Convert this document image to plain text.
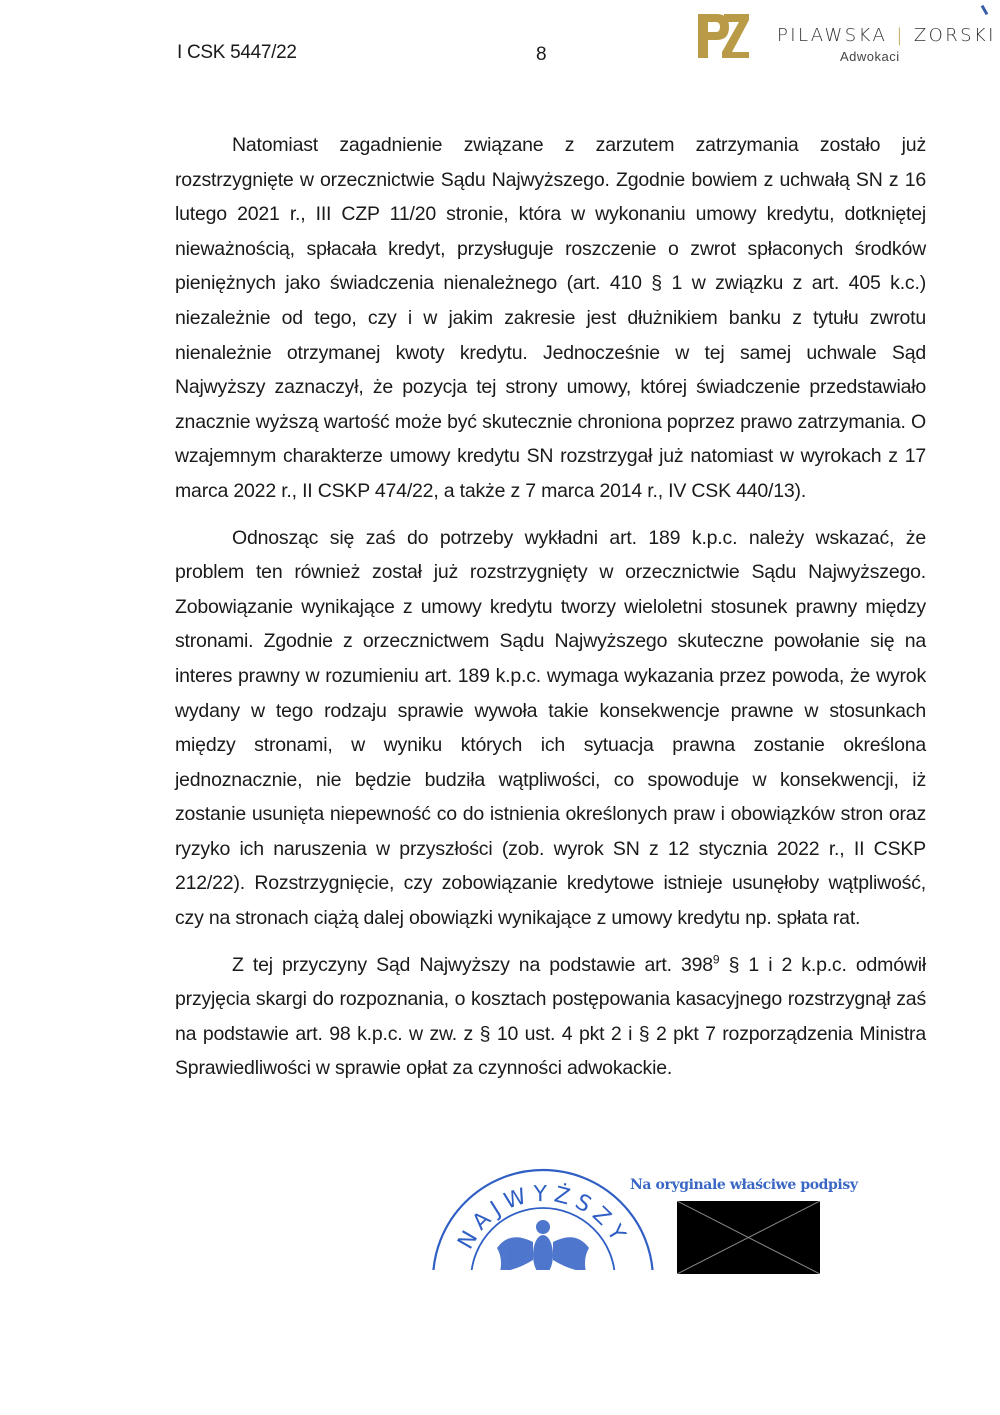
I CSK 5447/22	8
PILAWSKA | ZORSKI
Adwokaci

Natomiast zagadnienie związane z zarzutem zatrzymania zostało już rozstrzygnięte w orzecznictwie Sądu Najwyższego. Zgodnie bowiem z uchwałą SN z 16 lutego 2021 r., III CZP 11/20 stronie, która w wykonaniu umowy kredytu, dotkniętej nieważnością, spłacała kredyt, przysługuje roszczenie o zwrot spłaconych środków pieniężnych jako świadczenia nienależnego (art. 410 § 1 w związku z art. 405 k.c.) niezależnie od tego, czy i w jakim zakresie jest dłużnikiem banku z tytułu zwrotu nienależnie otrzymanej kwoty kredytu. Jednocześnie w tej samej uchwale Sąd Najwyższy zaznaczył, że pozycja tej strony umowy, której świadczenie przedstawiało znacznie wyższą wartość może być skutecznie chroniona poprzez prawo zatrzymania. O wzajemnym charakterze umowy kredytu SN rozstrzygał już natomiast w wyrokach z 17 marca 2022 r., II CSKP 474/22, a także z 7 marca 2014 r., IV CSK 440/13).

Odnosząc się zaś do potrzeby wykładni art. 189 k.p.c. należy wskazać, że problem ten również został już rozstrzygnięty w orzecznictwie Sądu Najwyższego. Zobowiązanie wynikające z umowy kredytu tworzy wieloletni stosunek prawny między stronami. Zgodnie z orzecznictwem Sądu Najwyższego skuteczne powołanie się na interes prawny w rozumieniu art. 189 k.p.c. wymaga wykazania przez powoda, że wyrok wydany w tego rodzaju sprawie wywoła takie konsekwencje prawne w stosunkach między stronami, w wyniku których ich sytuacja prawna zostanie określona jednoznacznie, nie będzie budziła wątpliwości, co spowoduje w konsekwencji, iż zostanie usunięta niepewność co do istnienia określonych praw i obowiązków stron oraz ryzyko ich naruszenia w przyszłości (zob. wyrok SN z 12 stycznia 2022 r., II CSKP 212/22). Rozstrzygnięcie, czy zobowiązanie kredytowe istnieje usunęłoby wątpliwość, czy na stronach ciążą dalej obowiązki wynikające z umowy kredytu np. spłata rat.

Z tej przyczyny Sąd Najwyższy na podstawie art. $398^9$ § 1 i 2 k.p.c. odmówił przyjęcia skargi do rozpoznania, o kosztach postępowania kasacyjnego rozstrzygnął zaś na podstawie art. 98 k.p.c. w zw. z § 10 ust. 4 pkt 2 i § 2 pkt 7 rozporządzenia Ministra Sprawiedliwości w sprawie opłat za czynności adwokackie.

NAJWYŻSZY
Na oryginale właściwe podpisy
